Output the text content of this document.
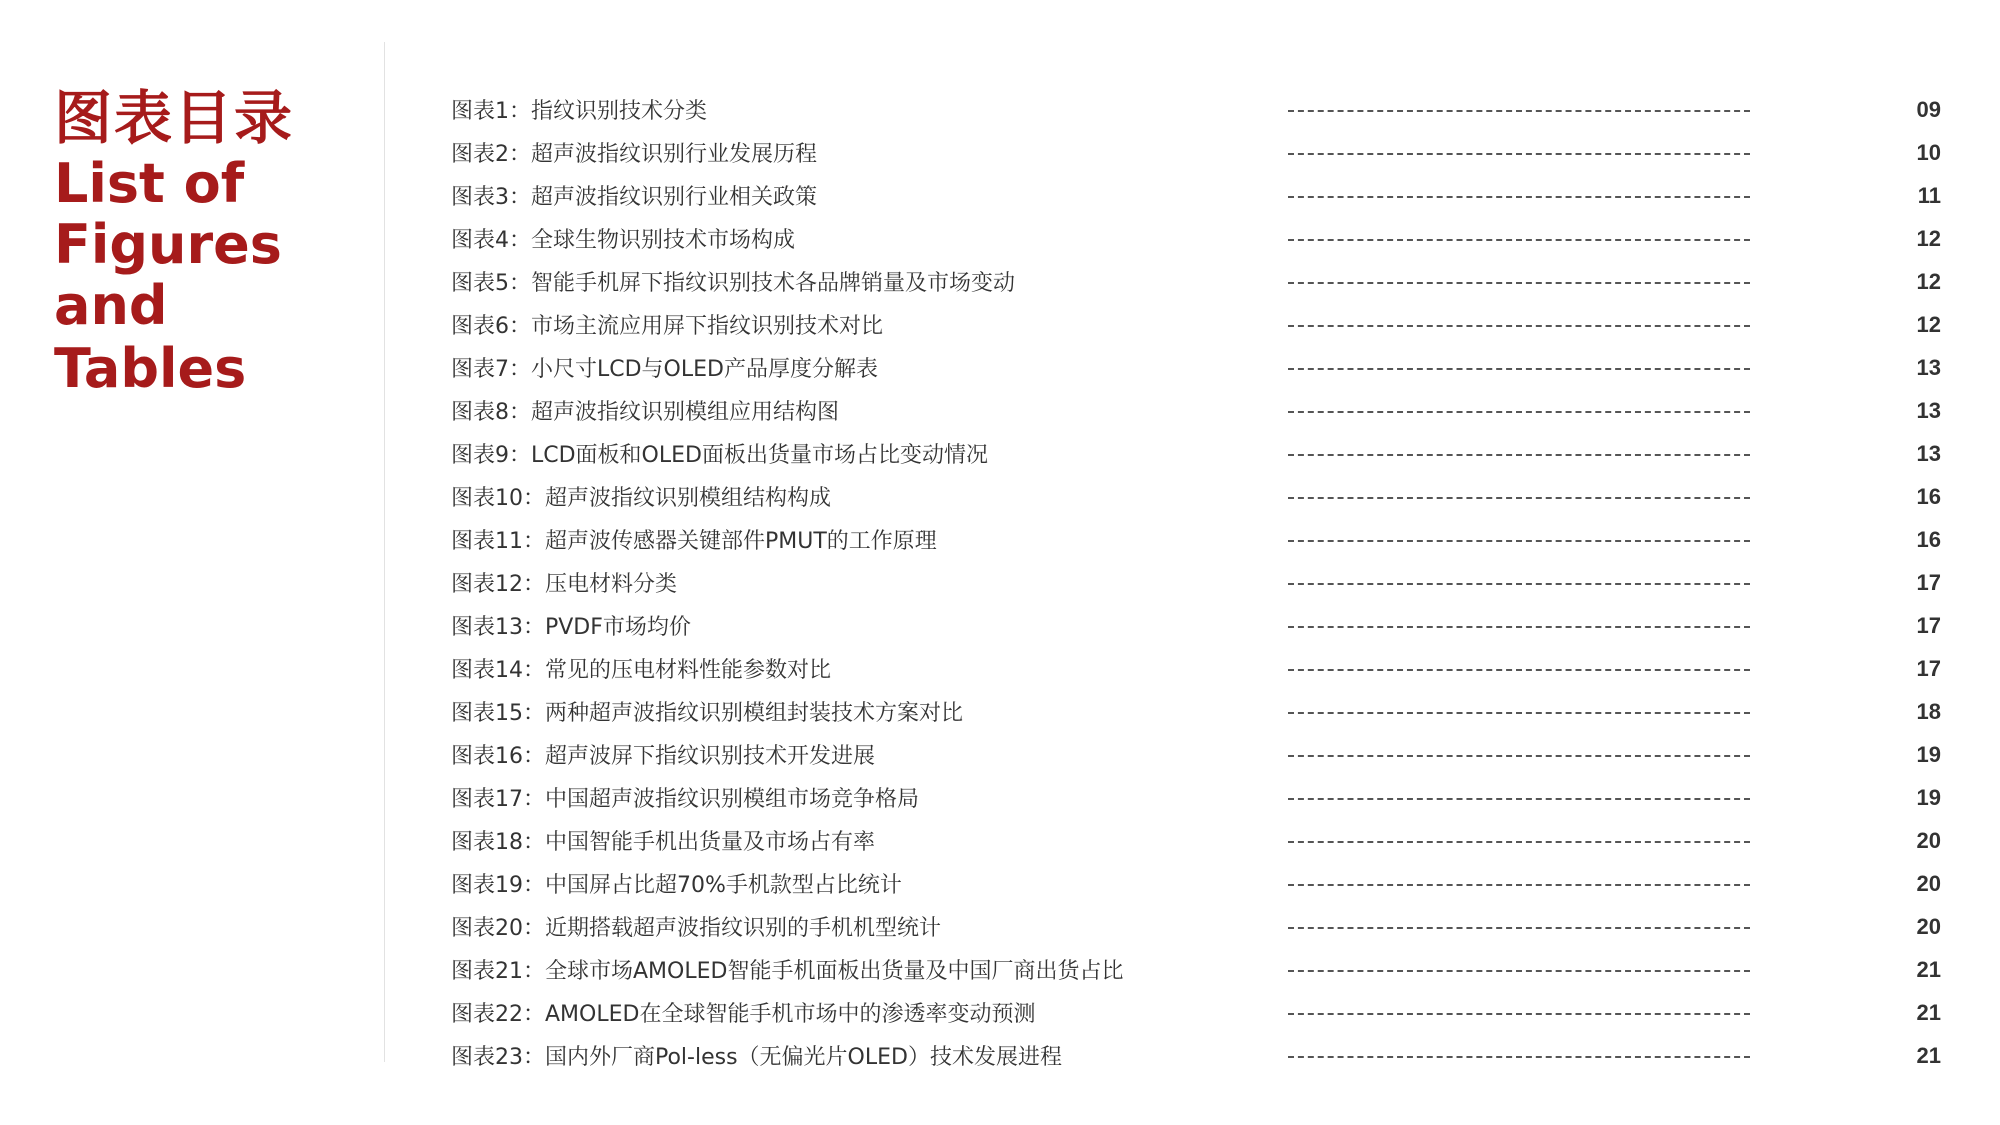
图表目录
List of
Figures
and Tables
图表1：指纹识别技术分类	09
图表2：超声波指纹识别行业发展历程	10
图表3：超声波指纹识别行业相关政策	11
图表4：全球生物识别技术市场构成	12
图表5：智能手机屏下指纹识别技术各品牌销量及市场变动	12
图表6：市场主流应用屏下指纹识别技术对比	12
图表7：小尺寸LCD与OLED产品厚度分解表	13
图表8：超声波指纹识别模组应用结构图	13
图表9：LCD面板和OLED面板出货量市场占比变动情况	13
图表10：超声波指纹识别模组结构构成	16
图表11：超声波传感器关键部件PMUT的工作原理	16
图表12：压电材料分类	17
图表13：PVDF市场均价	17
图表14：常见的压电材料性能参数对比	17
图表15：两种超声波指纹识别模组封装技术方案对比	18
图表16：超声波屏下指纹识别技术开发进展	19
图表17：中国超声波指纹识别模组市场竞争格局	19
图表18：中国智能手机出货量及市场占有率	20
图表19：中国屏占比超70%手机款型占比统计	20
图表20：近期搭载超声波指纹识别的手机机型统计	20
图表21：全球市场AMOLED智能手机面板出货量及中国厂商出货占比	21
图表22：AMOLED在全球智能手机市场中的渗透率变动预测	21
图表23：国内外厂商Pol-less（无偏光片OLED）技术发展进程	21
